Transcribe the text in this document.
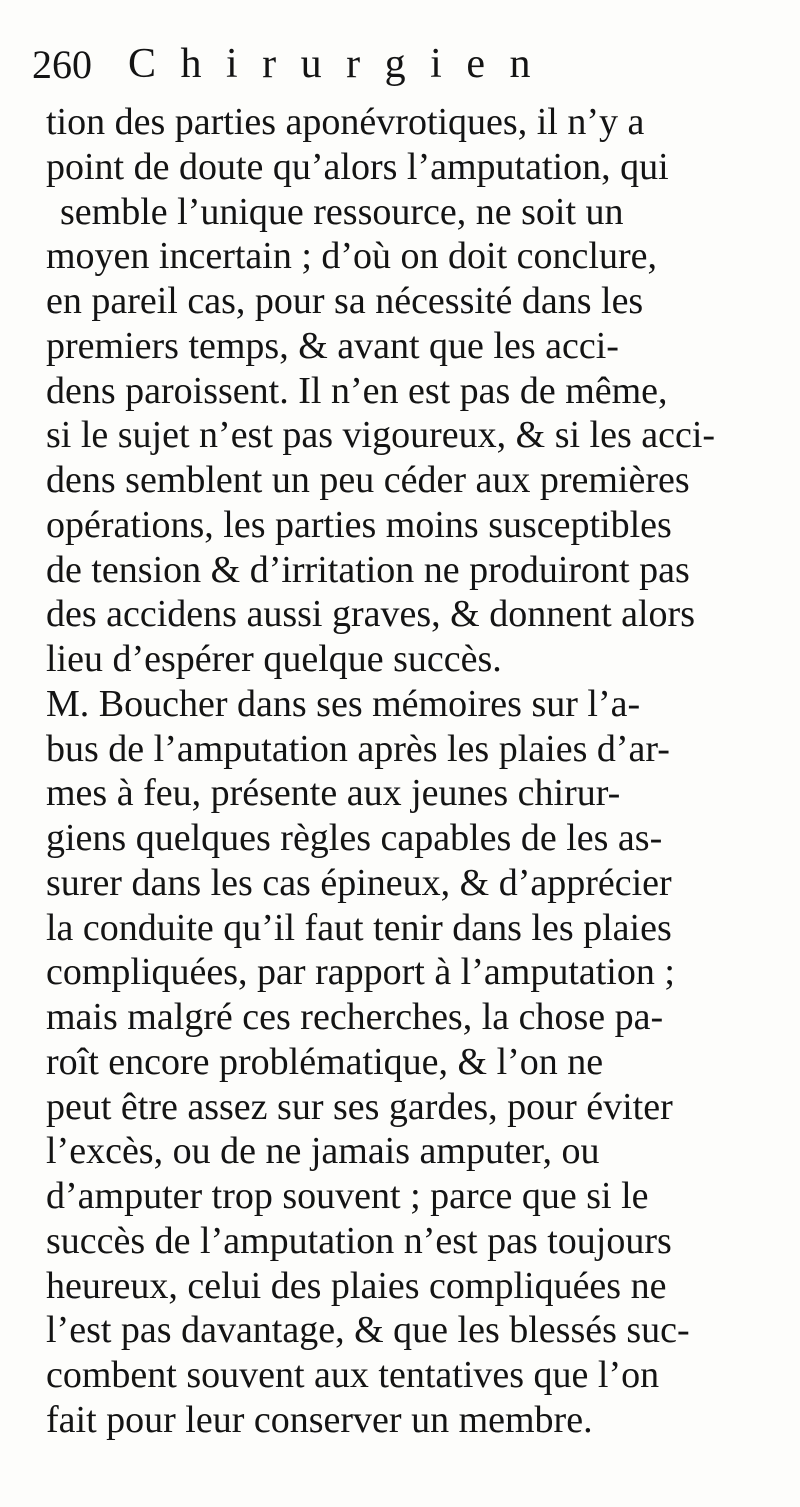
260 C h i r u r g i e n
tion des parties aponévrotiques, il n’y a
point de doute qu’alors l’amputation, qui
semble l’unique ressource, ne soit un
moyen incertain ; d’où on doit conclure,
en pareil cas, pour sa nécessité dans les
premiers temps, & avant que les acci-
dens paroissent. Il n’en est pas de même,
si le sujet n’est pas vigoureux, & si les acci-
dens semblent un peu céder aux premières
opérations, les parties moins susceptibles
de tension & d’irritation ne produiront pas
des accidens aussi graves, & donnent alors
lieu d’espérer quelque succès.
M. Boucher dans ses mémoires sur l’a-
bus de l’amputation après les plaies d’ar-
mes à feu, présente aux jeunes chirur-
giens quelques règles capables de les as-
surer dans les cas épineux, & d’apprécier
la conduite qu’il faut tenir dans les plaies
compliquées, par rapport à l’amputation ;
mais malgré ces recherches, la chose pa-
roît encore problématique, & l’on ne
peut être assez sur ses gardes, pour éviter
l’excès, ou de ne jamais amputer, ou
d’amputer trop souvent ; parce que si le
succès de l’amputation n’est pas toujours
heureux, celui des plaies compliquées ne
l’est pas davantage, & que les blessés suc-
combent souvent aux tentatives que l’on
fait pour leur conserver un membre.
